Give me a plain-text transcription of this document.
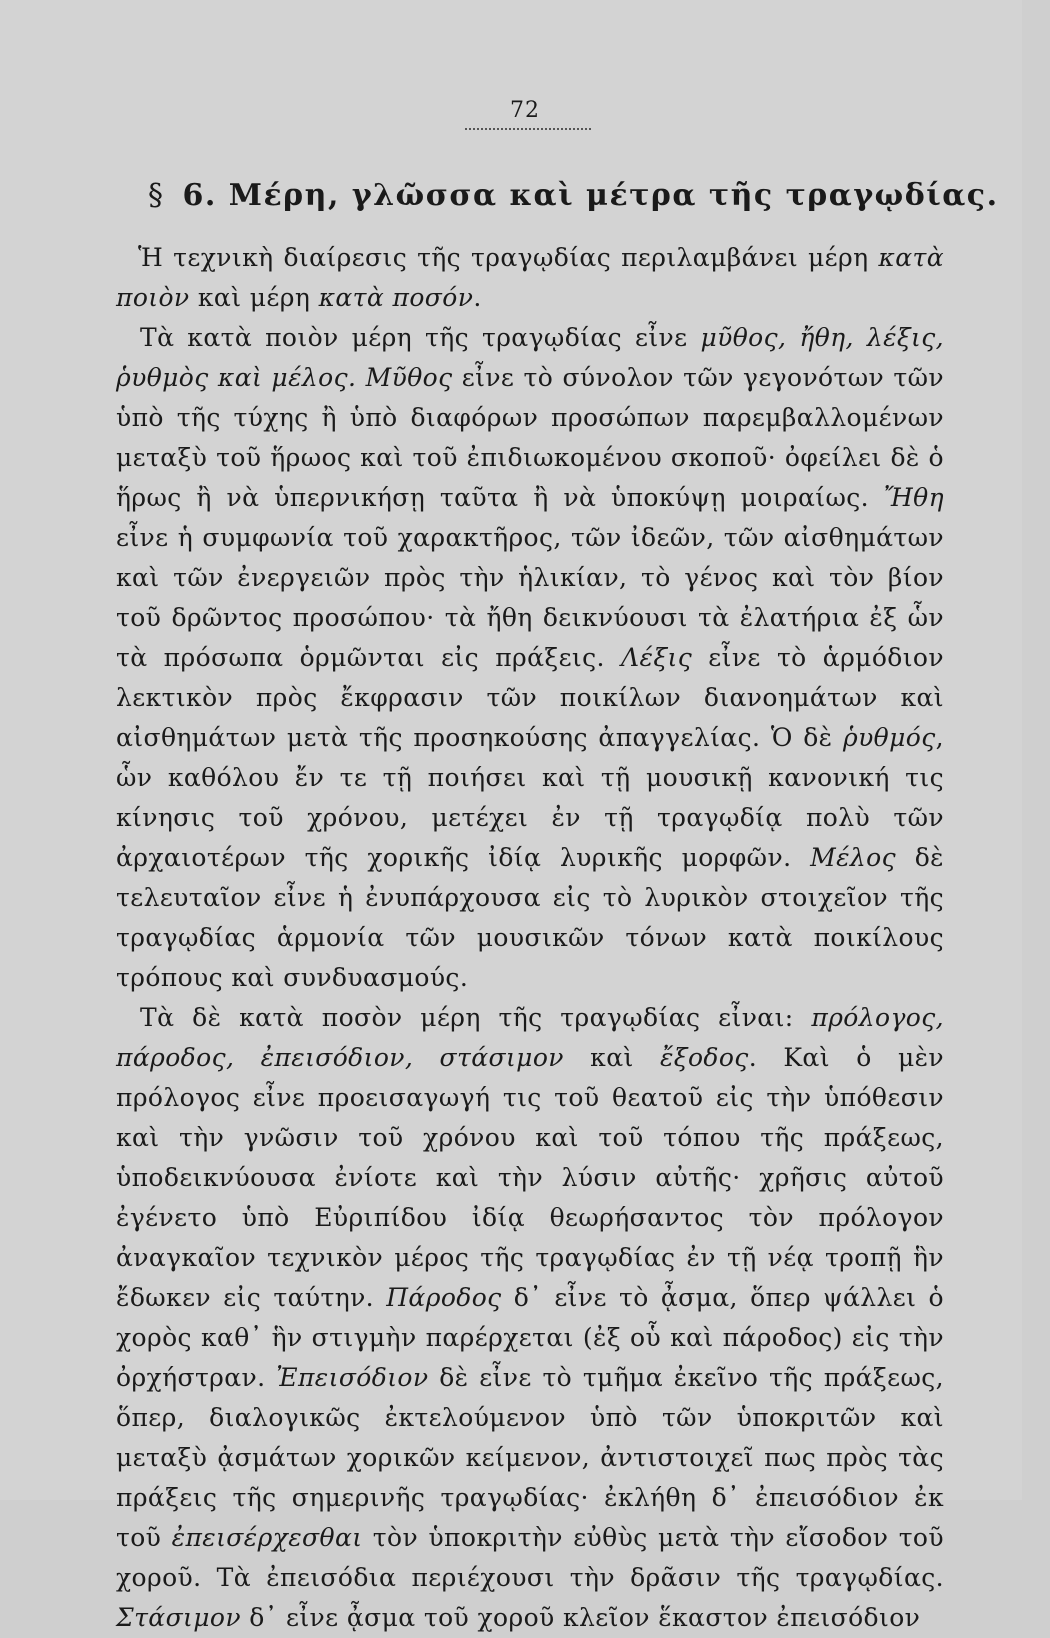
72
§ 6. Μέρη, γλῶσσα καὶ μέτρα τῆς τραγῳδίας.

Ἡ τεχνικὴ διαίρεσις τῆς τραγῳδίας περιλαμβάνει μέρη κατὰ ποιὸν καὶ μέρη κατὰ ποσόν.

Τὰ κατὰ ποιὸν μέρη τῆς τραγῳδίας εἶνε μῦθος, ἤθη, λέξις, ῥυθμὸς καὶ μέλος. Μῦθος εἶνε τὸ σύνολον τῶν γεγονότων τῶν ὑπὸ τῆς τύχης ἢ ὑπὸ διαφόρων προσώπων παρεμβαλλομένων μεταξὺ τοῦ ἥρωος καὶ τοῦ ἐπιδιωκομένου σκοποῦ· ὀφείλει δὲ ὁ ἥρως ἢ νὰ ὑπερνικήσῃ ταῦτα ἢ νὰ ὑποκύψῃ μοιραίως. Ἤθη εἶνε ἡ συμφωνία τοῦ χαρακτῆρος, τῶν ἰδεῶν, τῶν αἰσθημάτων καὶ τῶν ἐνεργειῶν πρὸς τὴν ἡλικίαν, τὸ γένος καὶ τὸν βίον τοῦ δρῶντος προσώπου· τὰ ἤθη δεικνύουσι τὰ ἐλατήρια ἐξ ὧν τὰ πρόσωπα ὁρμῶνται εἰς πράξεις. Λέξις εἶνε τὸ ἁρμόδιον λεκτικὸν πρὸς ἔκφρασιν τῶν ποικίλων διανοημάτων καὶ αἰσθημάτων μετὰ τῆς προσηκούσης ἀπαγγελίας. Ὁ δὲ ῥυθμός, ὧν καθόλου ἔν τε τῇ ποιήσει καὶ τῇ μουσικῇ κανονική τις κίνησις τοῦ χρόνου, μετέχει ἐν τῇ τραγῳδίᾳ πολὺ τῶν ἀρχαιοτέρων τῆς χορικῆς ἰδίᾳ λυρικῆς μορφῶν. Μέλος δὲ τελευταῖον εἶνε ἡ ἐνυπάρχουσα εἰς τὸ λυρικὸν στοιχεῖον τῆς τραγῳδίας ἁρμονία τῶν μουσικῶν τόνων κατὰ ποικίλους τρόπους καὶ συνδυασμούς.

Τὰ δὲ κατὰ ποσὸν μέρη τῆς τραγῳδίας εἶναι: πρόλογος, πάροδος, ἐπεισόδιον, στάσιμον καὶ ἔξοδος. Καὶ ὁ μὲν πρόλογος εἶνε προεισαγωγή τις τοῦ θεατοῦ εἰς τὴν ὑπόθεσιν καὶ τὴν γνῶσιν τοῦ χρόνου καὶ τοῦ τόπου τῆς πράξεως, ὑποδεικνύουσα ἐνίοτε καὶ τὴν λύσιν αὐτῆς· χρῆσις αὐτοῦ ἐγένετο ὑπὸ Εὐριπίδου ἰδίᾳ θεωρήσαντος τὸν πρόλογον ἀναγκαῖον τεχνικὸν μέρος τῆς τραγῳδίας ἐν τῇ νέᾳ τροπῇ ἣν ἔδωκεν εἰς ταύτην. Πάροδος δ᾽ εἶνε τὸ ᾆσμα, ὅπερ ψάλλει ὁ χορὸς καθ᾽ ἣν στιγμὴν παρέρχεται (ἐξ οὗ καὶ πάροδος) εἰς τὴν ὀρχήστραν. Ἐπεισόδιον δὲ εἶνε τὸ τμῆμα ἐκεῖνο τῆς πράξεως, ὅπερ, διαλογικῶς ἐκτελούμενον ὑπὸ τῶν ὑποκριτῶν καὶ μεταξὺ ᾀσμάτων χορικῶν κείμενον, ἀντιστοιχεῖ πως πρὸς τὰς πράξεις τῆς σημερινῆς τραγῳδίας· ἐκλήθη δ᾽ ἐπεισόδιον ἐκ τοῦ ἐπεισέρχεσθαι τὸν ὑποκριτὴν εὐθὺς μετὰ τὴν εἴσοδον τοῦ χοροῦ. Τὰ ἐπεισόδια περιέχουσι τὴν δρᾶσιν τῆς τραγῳδίας. Στάσιμον δ᾽ εἶνε ᾆσμα τοῦ χοροῦ κλεῖον ἕκαστον ἐπεισόδιον
